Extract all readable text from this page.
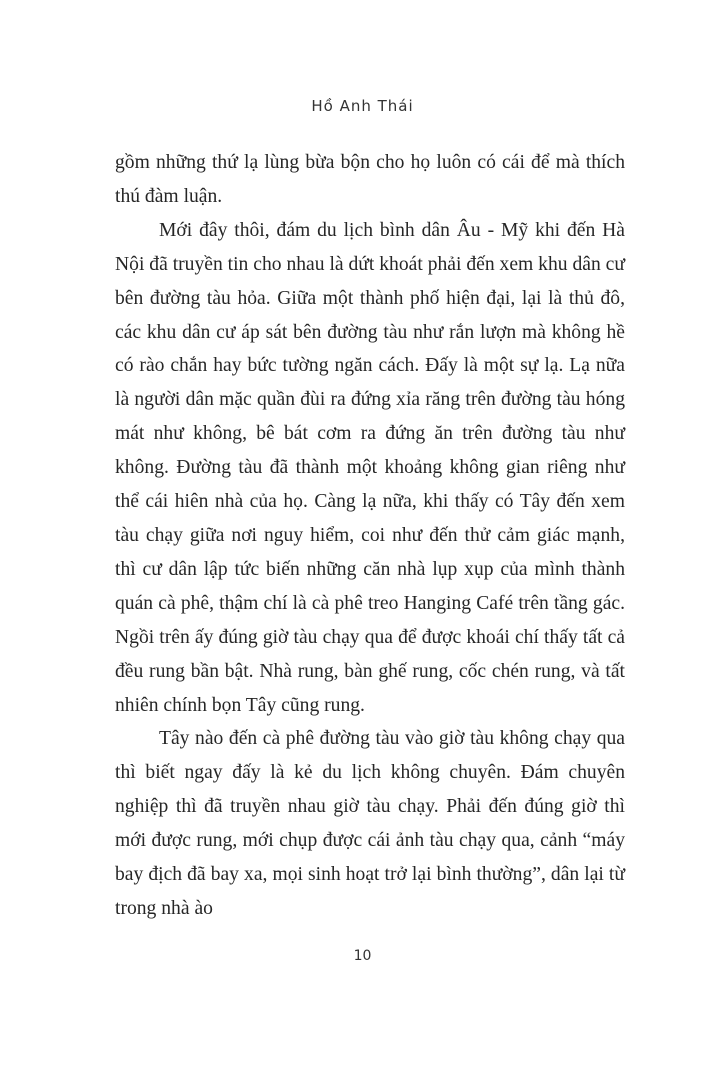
Hồ Anh Thái

gồm những thứ lạ lùng bừa bộn cho họ luôn có cái để mà thích thú đàm luận.

Mới đây thôi, đám du lịch bình dân Âu - Mỹ khi đến Hà Nội đã truyền tin cho nhau là dứt khoát phải đến xem khu dân cư bên đường tàu hỏa. Giữa một thành phố hiện đại, lại là thủ đô, các khu dân cư áp sát bên đường tàu như rắn lượn mà không hề có rào chắn hay bức tường ngăn cách. Đấy là một sự lạ. Lạ nữa là người dân mặc quần đùi ra đứng xỉa răng trên đường tàu hóng mát như không, bê bát cơm ra đứng ăn trên đường tàu như không. Đường tàu đã thành một khoảng không gian riêng như thể cái hiên nhà của họ. Càng lạ nữa, khi thấy có Tây đến xem tàu chạy giữa nơi nguy hiểm, coi như đến thử cảm giác mạnh, thì cư dân lập tức biến những căn nhà lụp xụp của mình thành quán cà phê, thậm chí là cà phê treo Hanging Café trên tầng gác. Ngồi trên ấy đúng giờ tàu chạy qua để được khoái chí thấy tất cả đều rung bần bật. Nhà rung, bàn ghế rung, cốc chén rung, và tất nhiên chính bọn Tây cũng rung.

Tây nào đến cà phê đường tàu vào giờ tàu không chạy qua thì biết ngay đấy là kẻ du lịch không chuyên. Đám chuyên nghiệp thì đã truyền nhau giờ tàu chạy. Phải đến đúng giờ thì mới được rung, mới chụp được cái ảnh tàu chạy qua, cảnh “máy bay địch đã bay xa, mọi sinh hoạt trở lại bình thường”, dân lại từ trong nhà ào

10
